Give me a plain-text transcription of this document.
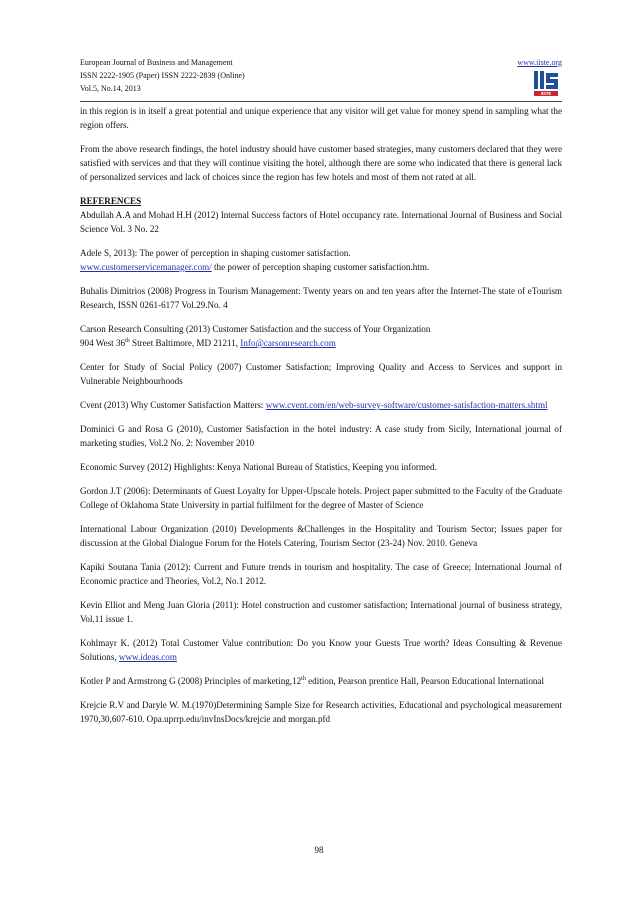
European Journal of Business and Management
ISSN 2222-1905 (Paper) ISSN 2222-2839 (Online)
Vol.5, No.14, 2013
www.iiste.org
IISTE

in this region is in itself a great potential and unique experience that any visitor will get value for money spend in sampling what the region offers.

From the above research findings, the hotel industry should have customer based strategies, many customers declared that they were satisfied with services and that they will continue visiting the hotel, although there are some who indicated that there is general lack of personalized services and lack of choices since the region has few hotels and most of them not rated at all.

REFERENCES
Abdullah A.A and Mohad H.H (2012) Internal Success factors of Hotel occupancy rate. International Journal of Business and Social Science Vol. 3 No. 22
Adele S, 2013): The power of perception in shaping customer satisfaction.
www.customerservicemanager.com/ the power of perception shaping customer satisfaction.htm.
Buhalis Dimitrios (2008) Progress in Tourism Management: Twenty years on and ten years after the Internet-The state of eTourism Research, ISSN 0261-6177 Vol.29.No. 4
Carson Research Consulting (2013) Customer Satisfaction and the success of Your Organization
904 West 36th Street Baltimore, MD 21211, Info@carsonresearch.com
Center for Study of Social Policy (2007) Customer Satisfaction; Improving Quality and Access to Services and support in Vulnerable Neighbourhoods
Cvent (2013) Why Customer Satisfaction Matters: www.cvent.com/en/web-survey-software/customer-satisfaction-matters.shtml
Dominici G and Rosa G (2010), Customer Satisfaction in the hotel industry: A case study from Sicily, International journal of marketing studies, Vol.2 No. 2: November 2010
Economic Survey (2012) Highlights: Kenya National Bureau of Statistics, Keeping you informed.
Gordon J.T (2006): Determinants of Guest Loyalty for Upper-Upscale hotels. Project paper submitted to the Faculty of the Graduate College of Oklahoma State University in partial fulfilment for the degree of Master of Science
International Labour Organization (2010) Developments &Challenges in the Hospitality and Tourism Sector; Issues paper for discussion at the Global Dialogue Forum for the Hotels Catering, Tourism Sector (23-24) Nov. 2010. Geneva
Kapiki Soutana Tania (2012): Current and Future trends in tourism and hospitality. The case of Greece; International Journal of Economic practice and Theories, Vol.2, No.1 2012.
Kevin Elliot and Meng Juan Gloria (2011): Hotel construction and customer satisfaction; International journal of business strategy, Vol.11 issue 1.
Kohlmayr K. (2012) Total Customer Value contribution: Do you Know your Guests True worth? Ideas Consulting & Revenue Solutions, www.ideas.com
Kotler P and Armstrong G (2008) Principles of marketing,12th edition, Pearson prentice Hall, Pearson Educational International
Krejcie R.V and Daryle W. M.(1970)Determining Sample Size for Research activities, Educational and psychological measurement 1970,30,607-610. Opa.uprrp.edu/invInsDocs/krejcie and morgan.pfd
98
